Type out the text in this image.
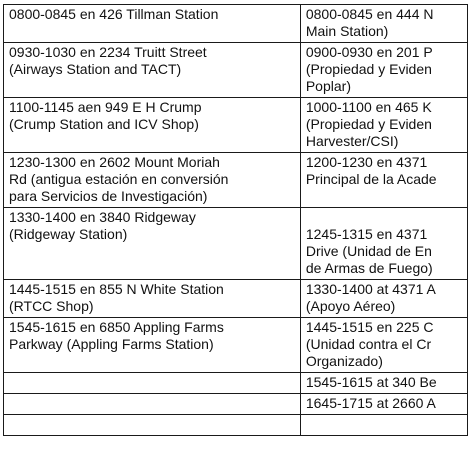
0800-0845 en 426 Tillman Station	0800-0845 en 444 N
Main Station)

0930-1030 en 2234 Truitt Street
(Airways Station and TACT)	0900-0930 en 201 P
(Propiedad y Eviden
Poplar)

1100-1145 aen 949 E H Crump
(Crump Station and ICV Shop)	1000-1100 en 465 K
(Propiedad y Eviden
Harvester/CSI)

1230-1300 en 2602 Mount Moriah
Rd (antigua estación en conversión
para Servicios de Investigación)	1200-1230 en 4371
Principal de la Acade

1330-1400 en 3840 Ridgeway
(Ridgeway Station)	1245-1315 en 4371
Drive (Unidad de En
de Armas de Fuego)

1445-1515 en 855 N White Station
(RTCC Shop)	1330-1400 at 4371 A
(Apoyo Aéreo)

1545-1615 en 6850 Appling Farms
Parkway (Appling Farms Station)	1445-1515 en 225 C
(Unidad contra el Cr
Organizado)

	1545-1615 at 340 Be

	1645-1715 at 2660 A
